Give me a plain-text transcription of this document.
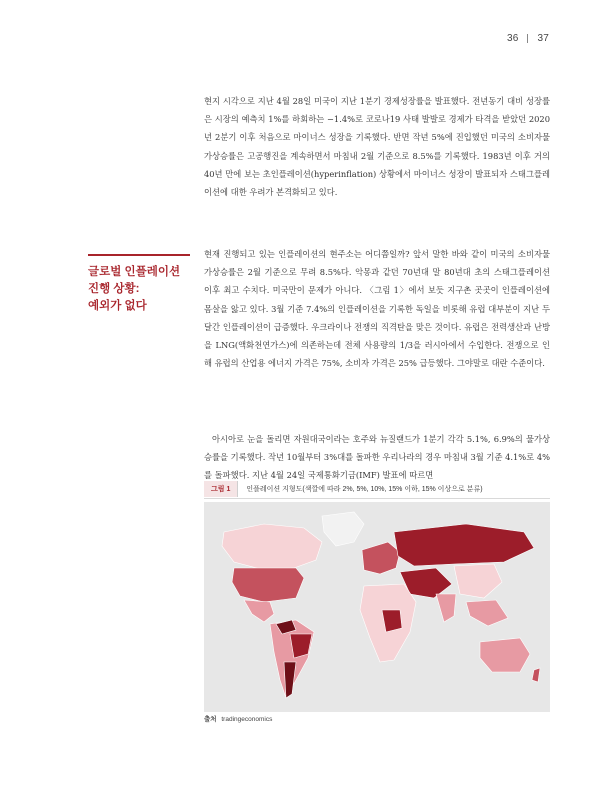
36 37

현지 시각으로 지난 4월 28일 미국이 지난 1분기 경제성장률을 발표했다. 전년동기 대비 성장률은 시장의 예측치 1%를 하회하는 −1.4%로 코로나19 사태 발발로 경제가 타격을 받았던 2020년 2분기 이후 처음으로 마이너스 성장을 기록했다. 반면 작년 5%에 진입했던 미국의 소비자물가상승률은 고공행진을 계속하면서 마침내 2월 기준으로 8.5%를 기록했다. 1983년 이후 거의 40년 만에 보는 초인플레이션(hyperinflation) 상황에서 마이너스 성장이 발표되자 스태그플레이션에 대한 우려가 본격화되고 있다.

글로벌 인플레이션
진행 상황:
예외가 없다

현재 진행되고 있는 인플레이션의 현주소는 어디쯤일까? 앞서 말한 바와 같이 미국의 소비자물가상승률은 2월 기준으로 무려 8.5%다. 악몽과 같던 70년대 말 80년대 초의 스태그플레이션 이후 최고 수치다. 미국만이 문제가 아니다. 〈그림 1〉에서 보듯 지구촌 곳곳이 인플레이션에 몸살을 앓고 있다. 3월 기준 7.4%의 인플레이션을 기록한 독일을 비롯해 유럽 대부분이 지난 두 달간 인플레이션이 급증했다. 우크라이나 전쟁의 직격탄을 맞은 것이다. 유럽은 전력생산과 난방을 LNG(액화천연가스)에 의존하는데 전체 사용량의 1/3을 러시아에서 수입한다. 전쟁으로 인해 유럽의 산업용 에너지 가격은 75%, 소비자 가격은 25% 급등했다. 그야말로 대란 수준이다.

아시아로 눈을 돌리면 자원대국이라는 호주와 뉴질랜드가 1분기 각각 5.1%, 6.9%의 물가상승률을 기록했다. 작년 10월부터 3%대를 돌파한 우리나라의 경우 마침내 3월 기준 4.1%로 4%를 돌파했다. 지난 4월 24일 국제통화기금(IMF) 발표에 따르면

그림 1	인플레이션 지형도(색깔에 따라 2%, 5%, 10%, 15% 이하, 15% 이상으로 분류)
출처 tradingeconomics
